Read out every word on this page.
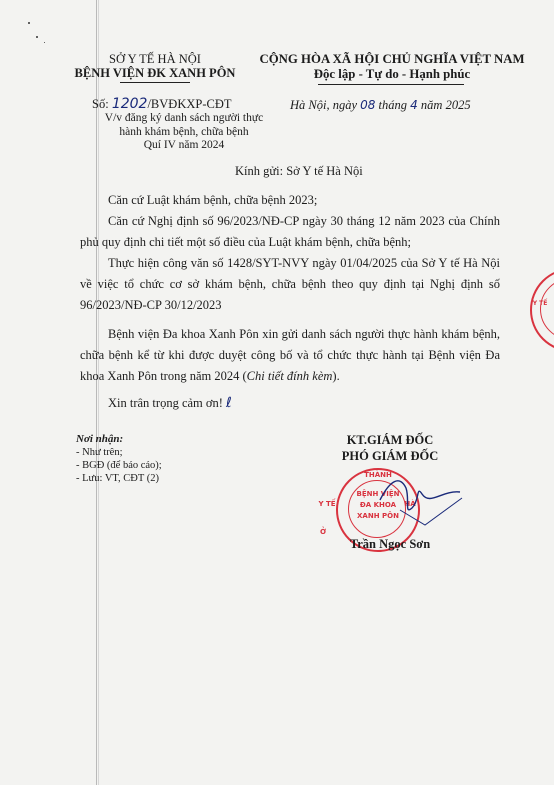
SỞ Y TẾ HÀ NỘI
BỆNH VIỆN ĐK XANH PÔN
Số: 1202/BVĐKXP-CĐT
V/v đăng ký danh sách người thực
hành khám bệnh, chữa bệnh
Quí IV năm 2024
CỘNG HÒA XÃ HỘI CHỦ NGHĨA VIỆT NAM
Độc lập - Tự do - Hạnh phúc
Hà Nội, ngày 08 tháng 4 năm 2025
Kính gửi: Sở Y tế Hà Nội

Căn cứ Luật khám bệnh, chữa bệnh 2023;

Căn cứ Nghị định số 96/2023/NĐ-CP ngày 30 tháng 12 năm 2023 của Chính phủ quy định chi tiết một số điều của Luật khám bệnh, chữa bệnh;

Thực hiện công văn số 1428/SYT-NVY ngày 01/04/2025 của Sở Y tế Hà Nội về việc tổ chức cơ sở khám bệnh, chữa bệnh theo quy định tại Nghị định số 96/2023/NĐ-CP 30/12/2023

Bệnh viện Đa khoa Xanh Pôn xin gửi danh sách người thực hành khám bệnh, chữa bệnh kể từ khi được duyệt công bố và tổ chức thực hành tại Bệnh viện Đa khoa Xanh Pôn trong năm 2024 (Chi tiết đính kèm).

Xin trân trọng cảm ơn! ℓ

Nơi nhận:
- Như trên;
- BGĐ (để báo cáo);
- Lưu: VT, CĐT (2)
KT.GIÁM ĐỐC
PHÓ GIÁM ĐỐC
THÀNH
BỆNH VIỆN
ĐA KHOA
XANH PÔN
Y TẾ	HÀ
Ở
Trần Ngọc Sơn
Y TẾ
